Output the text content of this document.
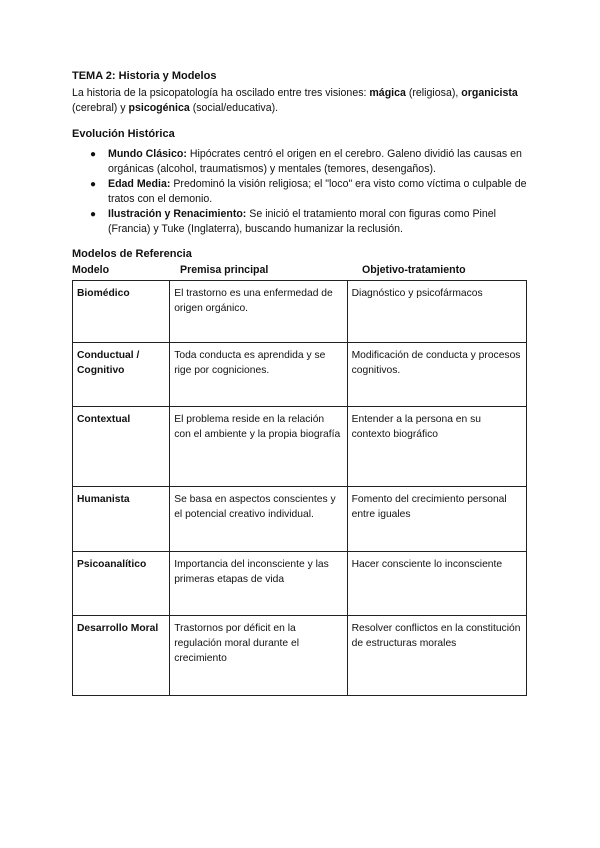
TEMA 2: Historia y Modelos
La historia de la psicopatología ha oscilado entre tres visiones: mágica (religiosa), organicista (cerebral) y psicogénica (social/educativa).
Evolución Histórica
● Mundo Clásico: Hipócrates centró el origen en el cerebro. Galeno dividió las causas en orgánicas (alcohol, traumatismos) y mentales (temores, desengaños).
● Edad Media: Predominó la visión religiosa; el "loco" era visto como víctima o culpable de tratos con el demonio.
● Ilustración y Renacimiento: Se inició el tratamiento moral con figuras como Pinel (Francia) y Tuke (Inglaterra), buscando humanizar la reclusión.
Modelos de Referencia
Modelo	Premisa principal	Objetivo-tratamiento
Biomédico	El trastorno es una enfermedad de origen orgánico.	Diagnóstico y psicofármacos
Conductual / Cognitivo	Toda conducta es aprendida y se rige por cogniciones.	Modificación de conducta y procesos cognitivos.
Contextual	El problema reside en la relación con el ambiente y la propia biografía	Entender a la persona en su contexto biográfico
Humanista	Se basa en aspectos conscientes y el potencial creativo individual.	Fomento del crecimiento personal entre iguales
Psicoanalítico	Importancia del inconsciente y las primeras etapas de vida	Hacer consciente lo inconsciente
Desarrollo Moral	Trastornos por déficit en la regulación moral durante el crecimiento	Resolver conflictos en la constitución de estructuras morales
